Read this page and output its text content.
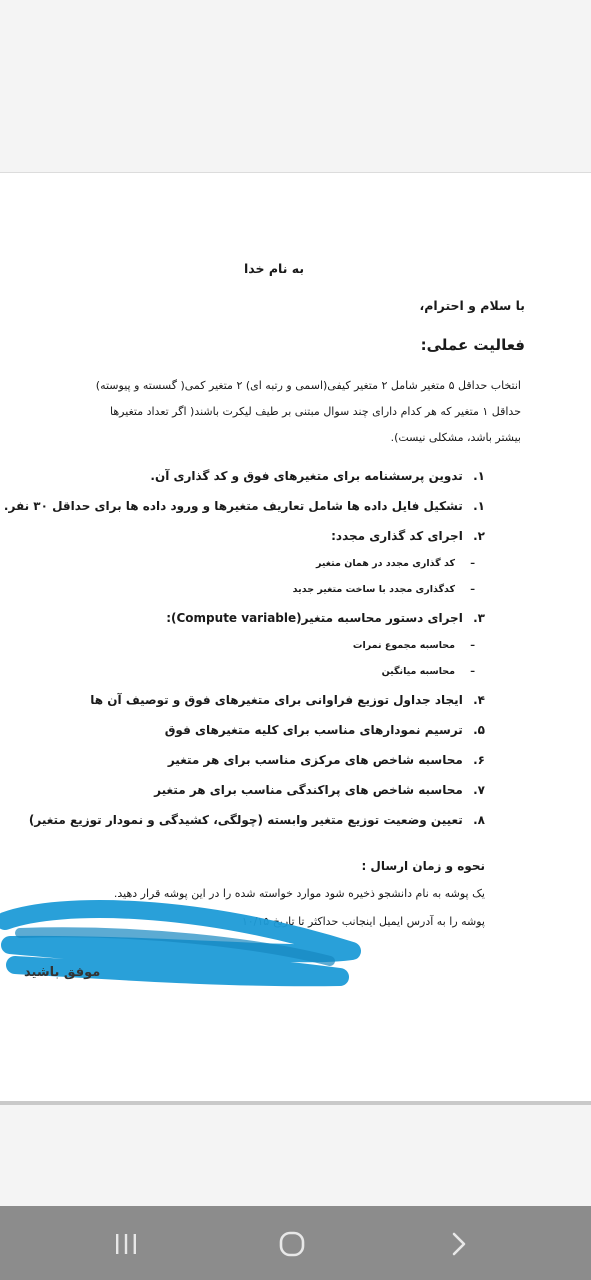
به نام خدا
با سلام و احترام،
فعالیت عملی:
انتخاب حداقل ۵ متغیر شامل ۲ متغیر کیفی(اسمی و رتبه ای) ۲ متغیر کمی( گسسته و پیوسته)
حداقل ۱ متغیر که هر کدام دارای چند سوال مبتنی بر طیف لیکرت باشند( اگر تعداد متغیرها
بیشتر باشد، مشکلی نیست).
۱. تدوین پرسشنامه برای متغیرهای فوق و کد گذاری آن.
۱. تشکیل فایل داده ها شامل تعاریف متغیرها و ورود داده ها برای حداقل ۳۰ نفر.
۲. اجرای کد گذاری مجدد:
–کد گذاری مجدد در همان متغیر
–کدگذاری مجدد با ساخت متغیر جدید
۳. اجرای دستور محاسبه متغیر(Compute variable):
–محاسبه مجموع نمرات
–محاسبه میانگین
۴. ایجاد جداول توزیع فراوانی برای متغیرهای فوق و توصیف آن ها
۵. ترسیم نمودارهای مناسب برای کلیه متغیرهای فوق
۶. محاسبه شاخص های مرکزی مناسب برای هر متغیر
۷. محاسبه شاخص های پراکندگی مناسب برای هر متغیر
۸. تعیین وضعیت توزیع متغیر وابسته (چولگی، کشیدگی و نمودار توزیع متغیر)
نحوه و زمان ارسال :
یک پوشه به نام دانشجو ذخیره شود موارد خواسته شده را در این پوشه قرار دهید.
پوشه را به آدرس ایمیل اینجانب حداکثر تا تاریخ ۱۰/۱۵
موفق باشید
